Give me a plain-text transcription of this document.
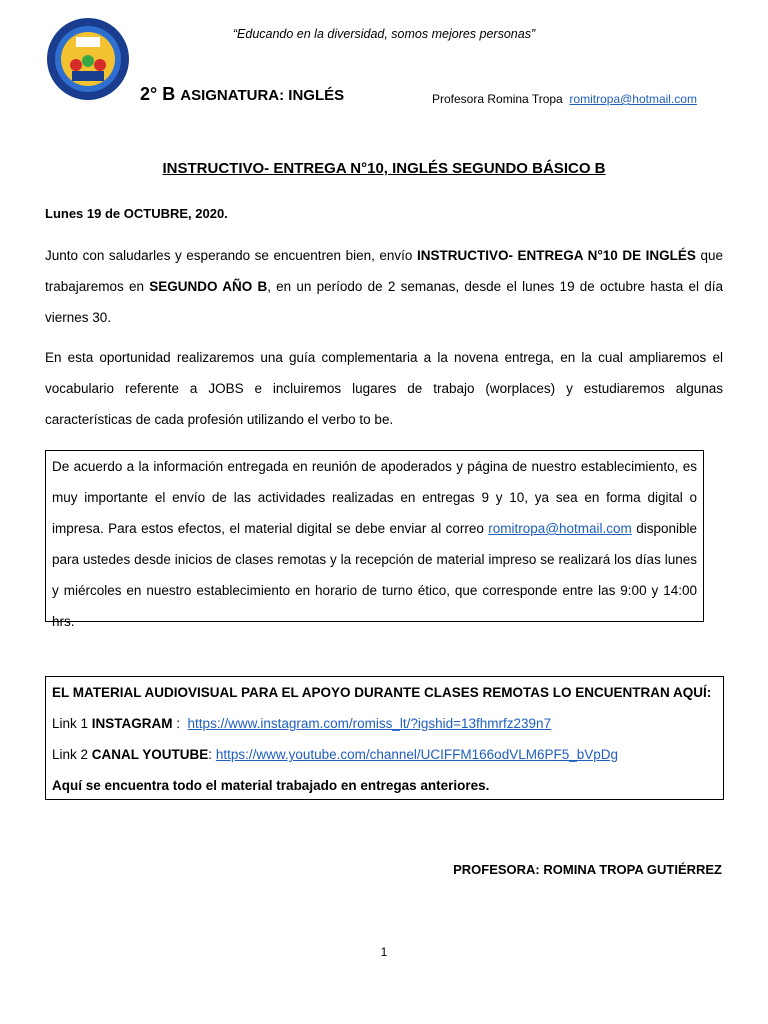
“Educando en la diversidad, somos mejores personas”
2° B ASIGNATURA: INGLÉS	Profesora Romina Tropa romitropa@hotmail.com
INSTRUCTIVO- ENTREGA N°10, INGLÉS SEGUNDO BÁSICO B
Lunes 19 de OCTUBRE, 2020.
Junto con saludarles y esperando se encuentren bien, envío INSTRUCTIVO- ENTREGA N°10 DE INGLÉS que trabajaremos en SEGUNDO AÑO B, en un período de 2 semanas, desde el lunes 19 de octubre hasta el día viernes 30.
En esta oportunidad realizaremos una guía complementaria a la novena entrega, en la cual ampliaremos el vocabulario referente a JOBS e incluiremos lugares de trabajo (worplaces) y estudiaremos algunas características de cada profesión utilizando el verbo to be.
De acuerdo a la información entregada en reunión de apoderados y página de nuestro establecimiento, es muy importante el envío de las actividades realizadas en entregas 9 y 10, ya sea en forma digital o impresa. Para estos efectos, el material digital se debe enviar al correo romitropa@hotmail.com disponible para ustedes desde inicios de clases remotas y la recepción de material impreso se realizará los días lunes y miércoles en nuestro establecimiento en horario de turno ético, que corresponde entre las 9:00 y 14:00 hrs.
EL MATERIAL AUDIOVISUAL PARA EL APOYO DURANTE CLASES REMOTAS LO ENCUENTRAN AQUÍ:
Link 1 INSTAGRAM :  https://www.instagram.com/romiss_lt/?igshid=13fhmrfz239n7
Link 2 CANAL YOUTUBE: https://www.youtube.com/channel/UCIFFM166odVLM6PF5_bVpDg
Aquí se encuentra todo el material trabajado en entregas anteriores.
PROFESORA: ROMINA TROPA GUTIÉRREZ
1
